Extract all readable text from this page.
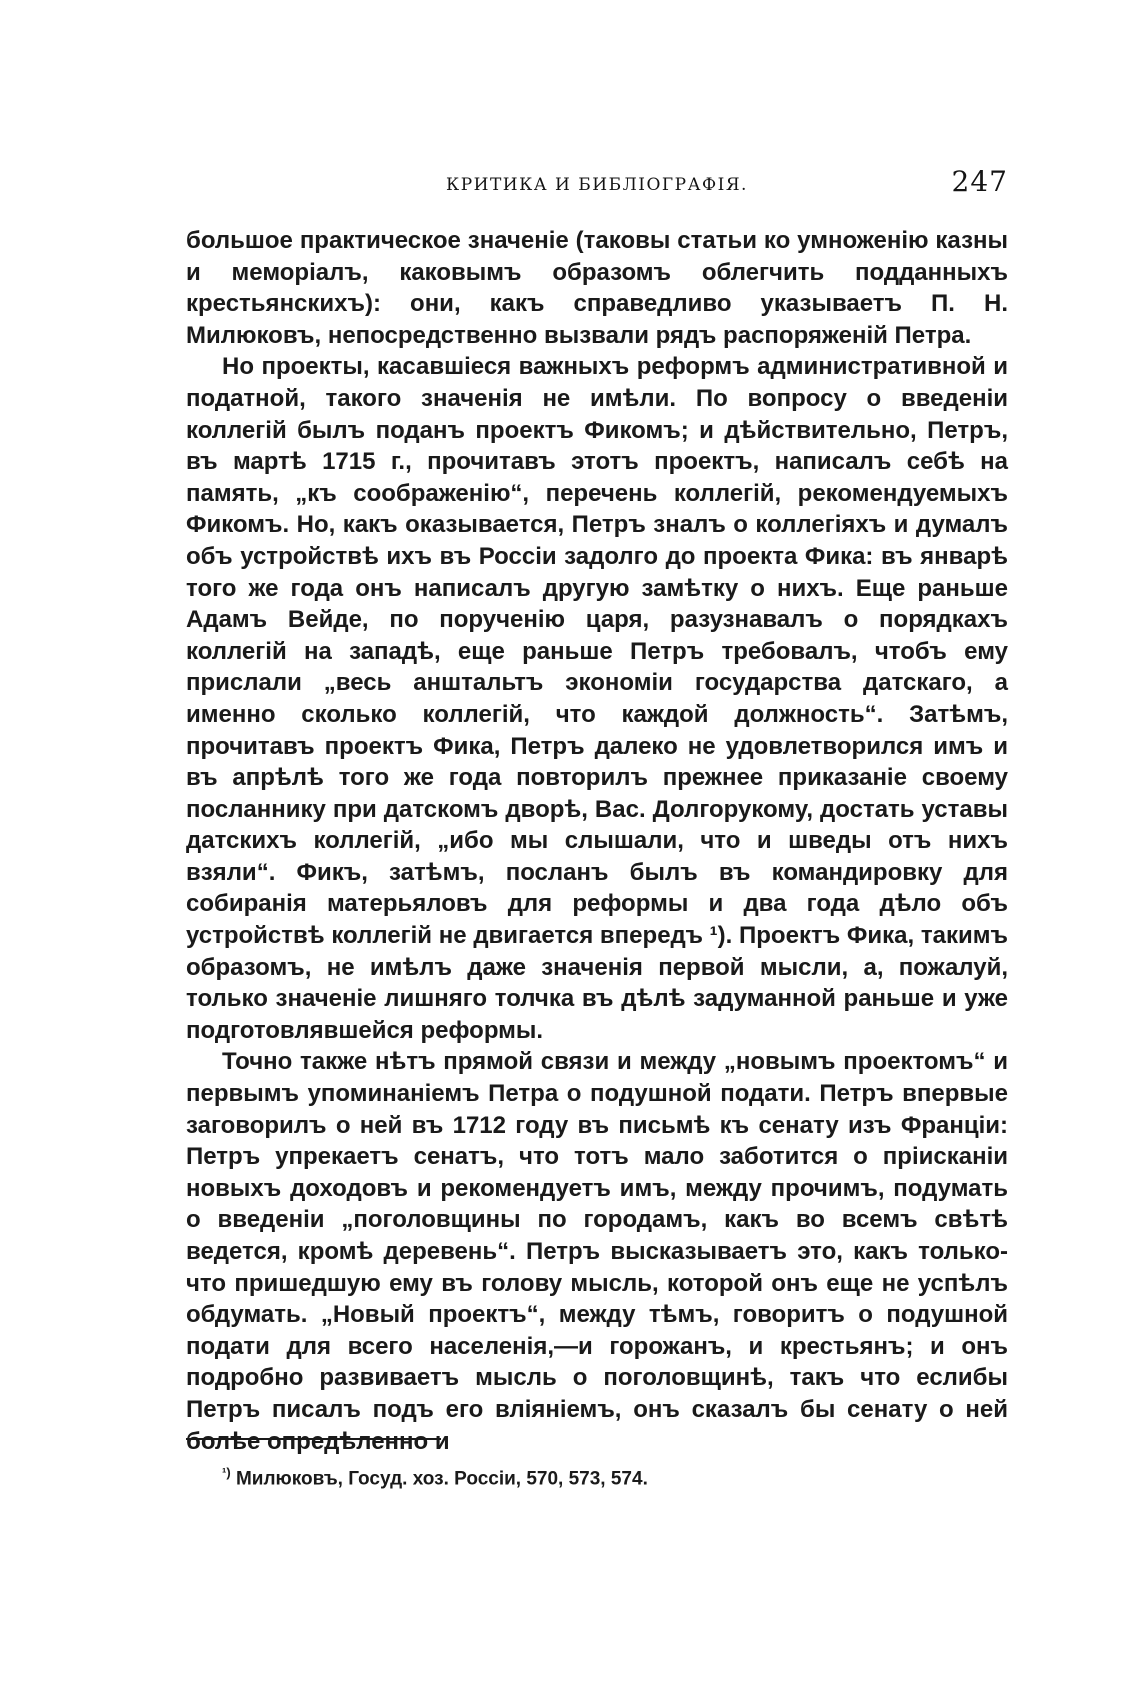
КРИТИКА И БИБЛІОГРАФІЯ.	247

большое практическое значеніе (таковы статьи ко умноженію казны и меморіалъ, каковымъ образомъ облегчить подданныхъ крестьянскихъ): они, какъ справедливо указываетъ П. Н. Милюковъ, непосредственно вызвали рядъ распоряженій Петра.

Но проекты, касавшіеся важныхъ реформъ административной и податной, такого значенія не имѣли. По вопросу о введеніи коллегій былъ поданъ проектъ Фикомъ; и дѣйствительно, Петръ, въ мартѣ 1715 г., прочитавъ этотъ проектъ, написалъ себѣ на память, „къ соображенію“, перечень коллегій, рекомендуемыхъ Фикомъ. Но, какъ оказывается, Петръ зналъ о коллегіяхъ и думалъ объ устройствѣ ихъ въ Россіи задолго до проекта Фика: въ январѣ того же года онъ написалъ другую замѣтку о нихъ. Еще раньше Адамъ Вейде, по порученію царя, разузнавалъ о порядкахъ коллегій на западѣ, еще раньше Петръ требовалъ, чтобъ ему прислали „весь анштальтъ экономіи государства датскаго, а именно сколько коллегій, что каждой должность“. Затѣмъ, прочитавъ проектъ Фика, Петръ далеко не удовлетворился имъ и въ апрѣлѣ того же года повторилъ прежнее приказаніе своему посланнику при датскомъ дворѣ, Вас. Долгорукому, достать уставы датскихъ коллегій, „ибо мы слышали, что и шведы отъ нихъ взяли“. Фикъ, затѣмъ, посланъ былъ въ командировку для собиранія матерьяловъ для реформы и два года дѣло объ устройствѣ коллегій не двигается впередъ ¹). Проектъ Фика, такимъ образомъ, не имѣлъ даже значенія первой мысли, а, пожалуй, только значеніе лишняго толчка въ дѣлѣ задуманной раньше и уже подготовлявшейся реформы.

Точно также нѣтъ прямой связи и между „новымъ проектомъ“ и первымъ упоминаніемъ Петра о подушной подати. Петръ впервые заговорилъ о ней въ 1712 году въ письмѣ къ сенату изъ Франціи: Петръ упрекаетъ сенатъ, что тотъ мало заботится о пріисканіи новыхъ доходовъ и рекомендуетъ имъ, между прочимъ, подумать о введеніи „поголовщины по городамъ, какъ во всемъ свѣтѣ ведется, кромѣ деревень“. Петръ высказываетъ это, какъ только-что пришедшую ему въ голову мысль, которой онъ еще не успѣлъ обдумать. „Новый проектъ“, между тѣмъ, говоритъ о подушной подати для всего населенія,—и горожанъ, и крестьянъ; и онъ подробно развиваетъ мысль о поголовщинѣ, такъ что еслибы Петръ писалъ подъ его вліяніемъ, онъ сказалъ бы сенату о ней болѣе опредѣленно и

$^{^1)}$ Милюковъ, Госуд. хоз. Россіи, 570, 573, 574.
